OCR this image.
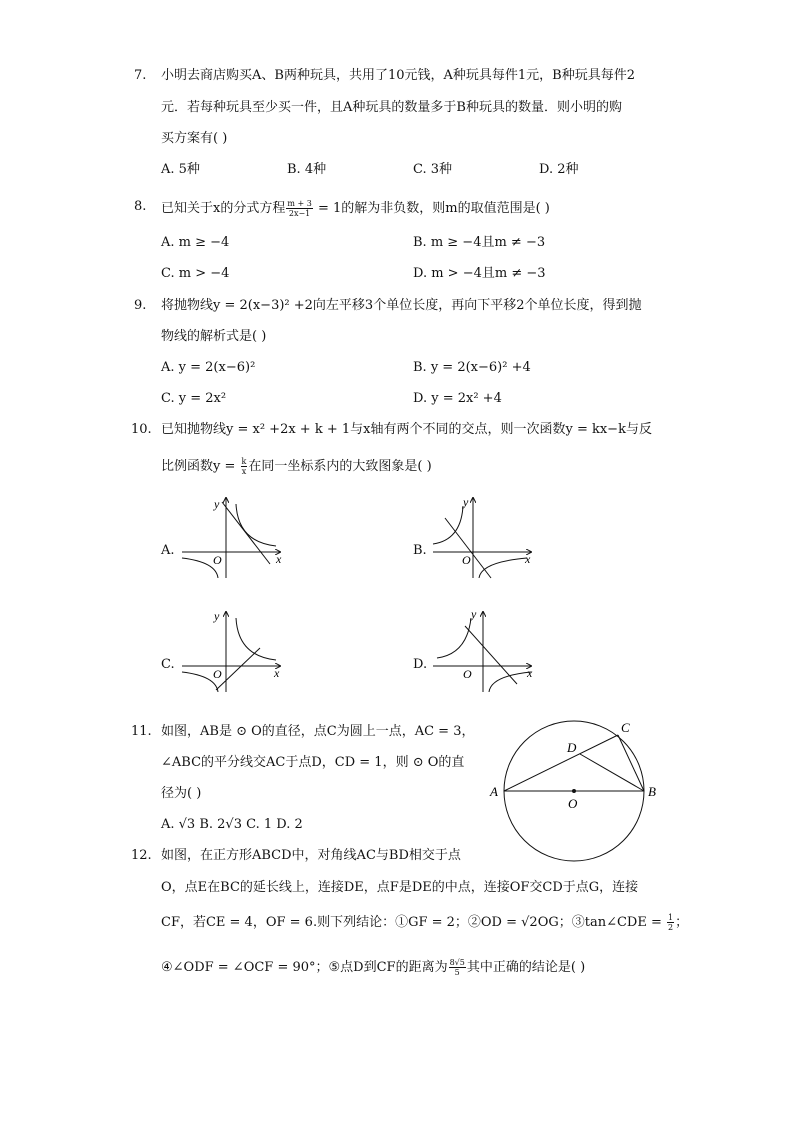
7. 小明去商店购买A、B两种玩具，共用了10元钱，A种玩具每件1元，B种玩具每件2
元．若每种玩具至少买一件，且A种玩具的数量多于B种玩具的数量．则小明的购
买方案有( )
A. 5种	B. 4种	C. 3种	D. 2种
8. 已知关于x的分式方程 $\frac{m + 3}{2x-1} = 1$的解为非负数，则m的取值范围是( )
A. m ≥ −4	B. m ≥ −4且m ≠ −3
C. m > −4	D. m > −4且m ≠ −3
9. 将抛物线y = 2(x−3)² +2向左平移3个单位长度，再向下平移2个单位长度，得到抛
物线的解析式是( )
A. y = 2(x−6)²	B. y = 2(x−6)² +4
C. y = 2x²	D. y = 2x² +4
10. 已知抛物线y = x² +2x + k + 1与x轴有两个不同的交点，则一次函数y = kx−k与反
比例函数$y = \frac{k}{x}$ 在同一坐标系内的大致图象是( )
A.	B.
C.	D.
y
x
O
y
x
O
y
x
O
y
x
O
11. 如图，AB是 ⊙ O的直径，点C为圆上一点，AC = 3，
∠ABC的平分线交AC于点D，CD = 1，则 ⊙ O的直
径为( )
A. √3 B. 2√3 C. 1 D. 2
A	B
C
D
O
12. 如图，在正方形ABCD中，对角线AC与BD相交于点
O，点E在BC的延长线上，连接DE，点F是DE的中点，连接OF交CD于点G，连接
CF，若CE = 4，OF = 6.则下列结论：①GF = 2；②OD = √2OG；③tan∠CDE = $\frac{1}{2}$ ；
④∠ODF = ∠OCF = 90°；⑤点D到CF的距离为 $\frac{8√5}{5}$ 其中正确的结论是( )
